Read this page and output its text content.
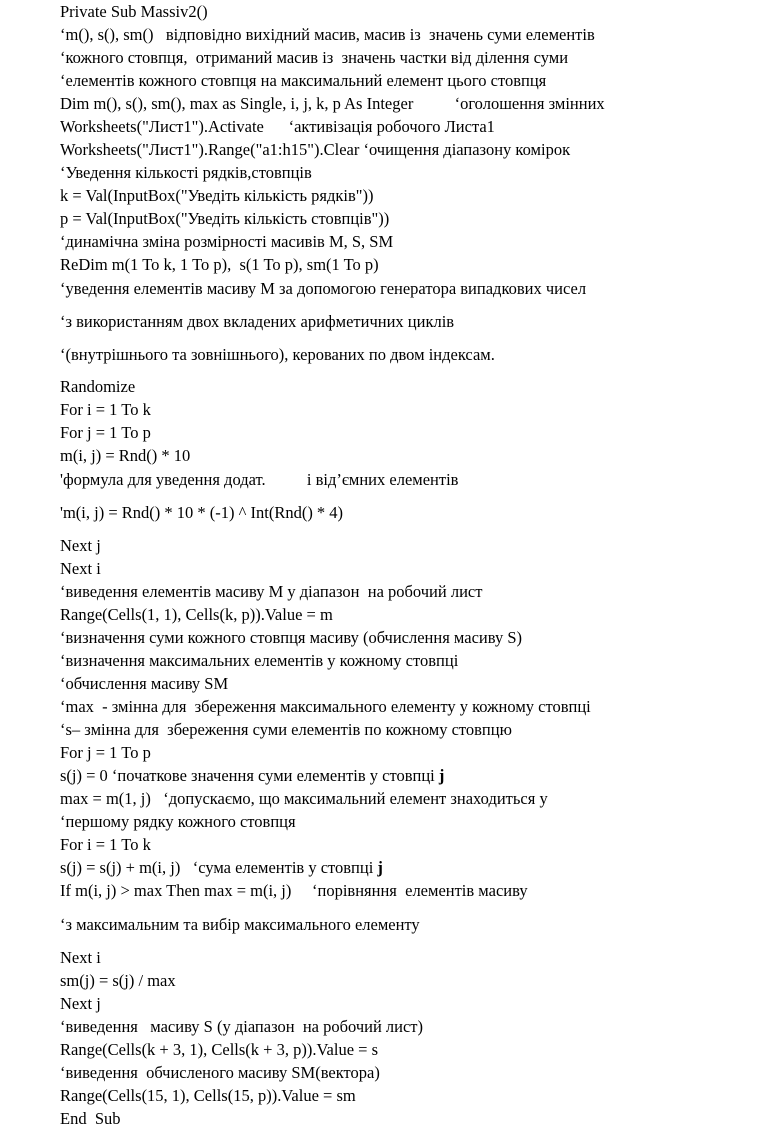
Private Sub Massiv2()
‘m(), s(), sm()   відповідно вихідний масив, масив із  значень суми елементів
‘кожного стовпця,  отриманий масив із  значень частки від ділення суми
‘елементів кожного стовпця на максимальний елемент цього стовпця
Dim m(), s(), sm(), max as Single, i, j, k, p As Integer          ‘оголошення змінних
Worksheets("Лист1").Activate      ‘активізація робочого Листа1
Worksheets("Лист1").Range("a1:h15").Clear ‘очищення діапазону комірок
‘Уведення кількості рядків,стовпців
k = Val(InputBox("Уведіть кількість рядків"))
p = Val(InputBox("Уведіть кількість стовпців"))
‘динамічна зміна розмірності масивів M, S, SM
ReDim m(1 To k, 1 To p),  s(1 To p), sm(1 To p)
‘уведення елементів масиву M за допомогою генератора випадкових чисел
‘з використанням двох вкладених арифметичних циклів
‘(внутрішнього та зовнішнього), керованих по двом індексам.
Randomize
For i = 1 To k
For j = 1 To p
m(i, j) = Rnd() * 10
'формула для уведення додат.          і від’ємних елементів
'm(i, j) = Rnd() * 10 * (-1) ^ Int(Rnd() * 4)
Next j
Next i
‘виведення елементів масиву M у діапазон  на робочий лист
Range(Cells(1, 1), Cells(k, p)).Value = m
‘визначення суми кожного стовпця масиву (обчислення масиву S)
‘визначення максимальних елементів у кожному стовпці
‘обчислення масиву SM
‘max  - змінна для  збереження максимального елементу у кожному стовпці
‘s– змінна для  збереження суми елементів по кожному стовпцю
For j = 1 To p
s(j) = 0 ‘початкове значення суми елементів у стовпці j
max = m(1, j)   ‘допускаємо, що максимальний елемент знаходиться у
‘першому рядку кожного стовпця
For i = 1 To k
s(j) = s(j) + m(i, j)   ‘сума елементів у стовпці j
If m(i, j) > max Then max = m(i, j)     ‘порівняння  елементів масиву
‘з максимальним та вибір максимального елементу
Next i
sm(j) = s(j) / max
Next j
‘виведення   масиву S (у діапазон  на робочий лист)
Range(Cells(k + 3, 1), Cells(k + 3, p)).Value = s
‘виведення  обчисленого масиву SM(вектора)
Range(Cells(15, 1), Cells(15, p)).Value = sm
End  Sub
